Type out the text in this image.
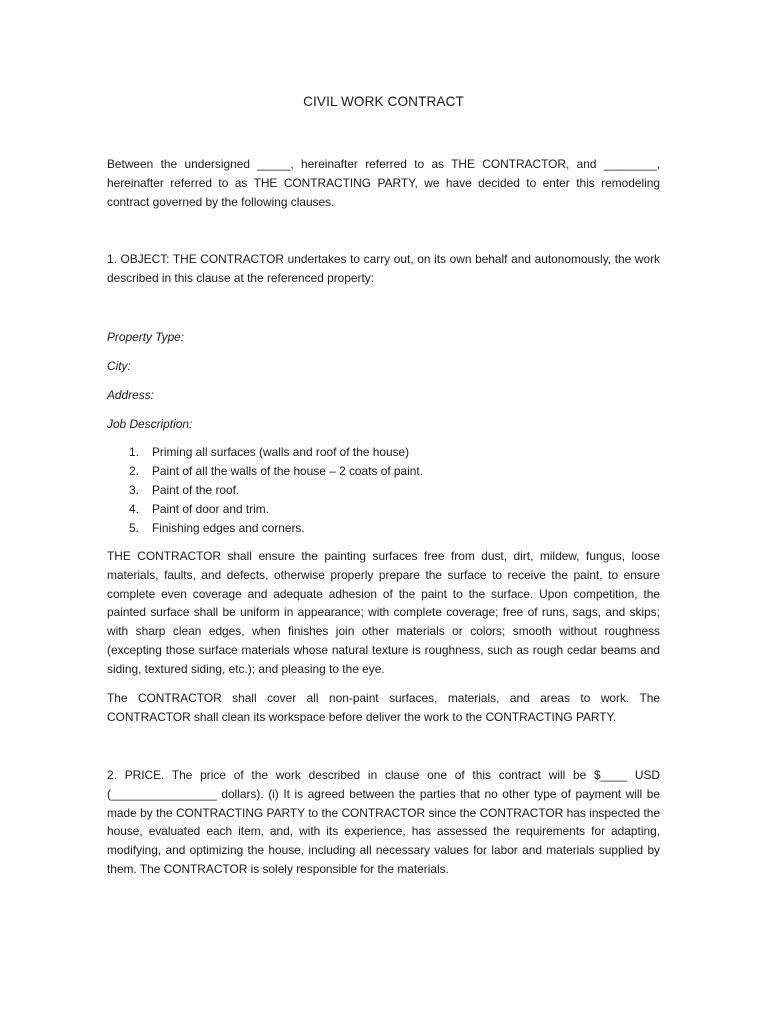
CIVIL WORK CONTRACT

Between the undersigned _____, hereinafter referred to as THE CONTRACTOR, and ________, hereinafter referred to as THE CONTRACTING PARTY, we have decided to enter this remodeling contract governed by the following clauses.

1. OBJECT: THE CONTRACTOR undertakes to carry out, on its own behalf and autonomously, the work described in this clause at the referenced property:

Property Type:

City:

Address:

Job Description:

1. Priming all surfaces (walls and roof of the house)
2. Paint of all the walls of the house – 2 coats of paint.
3. Paint of the roof.
4. Paint of door and trim.
5. Finishing edges and corners.

THE CONTRACTOR shall ensure the painting surfaces free from dust, dirt, mildew, fungus, loose materials, faults, and defects, otherwise properly prepare the surface to receive the paint, to ensure complete even coverage and adequate adhesion of the paint to the surface. Upon competition, the painted surface shall be uniform in appearance; with complete coverage; free of runs, sags, and skips; with sharp clean edges, when finishes join other materials or colors; smooth without roughness (excepting those surface materials whose natural texture is roughness, such as rough cedar beams and siding, textured siding, etc.); and pleasing to the eye.

The CONTRACTOR shall cover all non-paint surfaces, materials, and areas to work. The CONTRACTOR shall clean its workspace before deliver the work to the CONTRACTING PARTY.

2. PRICE. The price of the work described in clause one of this contract will be $____ USD (________________ dollars). (i) It is agreed between the parties that no other type of payment will be made by the CONTRACTING PARTY to the CONTRACTOR since the CONTRACTOR has inspected the house, evaluated each item, and, with its experience, has assessed the requirements for adapting, modifying, and optimizing the house, including all necessary values for labor and materials supplied by them. The CONTRACTOR is solely responsible for the materials.
